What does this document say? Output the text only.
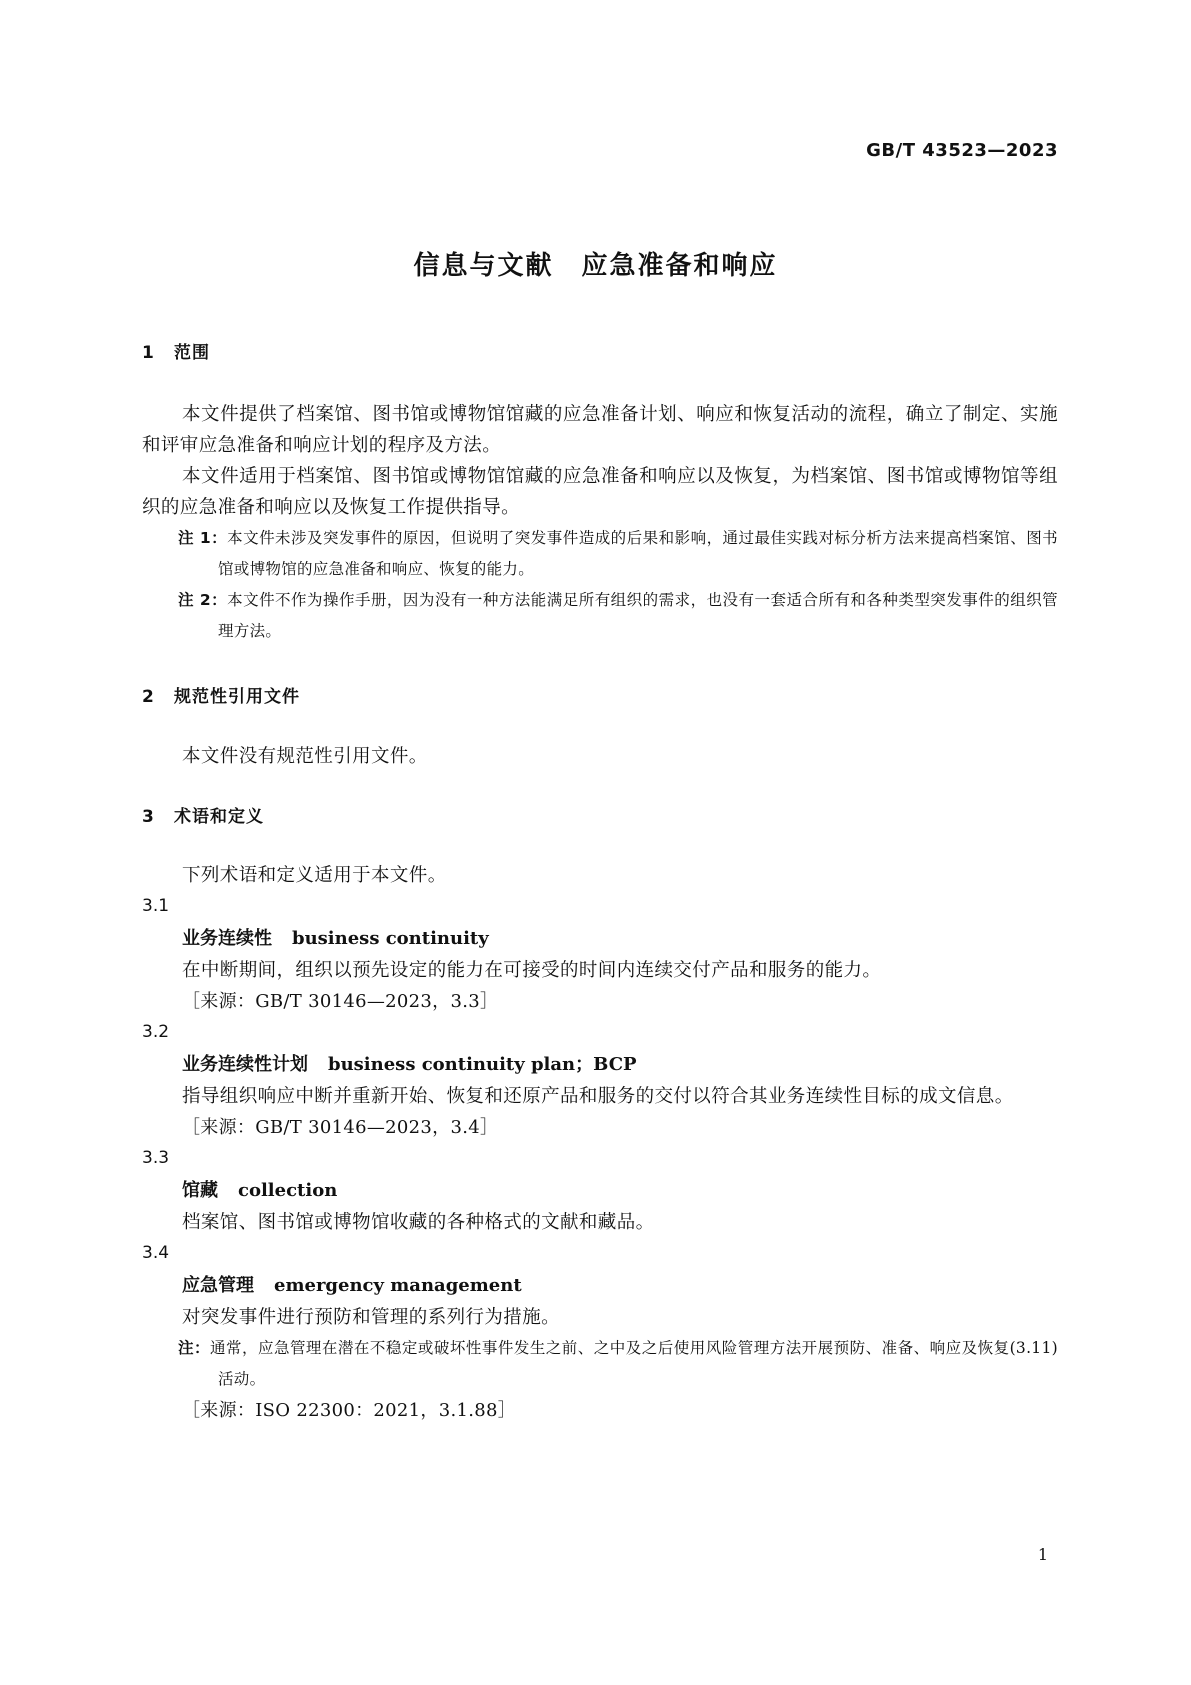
GB/T 43523—2023
信息与文献 应急准备和响应
1 范围
本文件提供了档案馆、图书馆或博物馆馆藏的应急准备计划、响应和恢复活动的流程，确立了制定、实施和评审应急准备和响应计划的程序及方法。
本文件适用于档案馆、图书馆或博物馆馆藏的应急准备和响应以及恢复，为档案馆、图书馆或博物馆等组织的应急准备和响应以及恢复工作提供指导。
注 1：本文件未涉及突发事件的原因，但说明了突发事件造成的后果和影响，通过最佳实践对标分析方法来提高档案馆、图书馆或博物馆的应急准备和响应、恢复的能力。
注 2：本文件不作为操作手册，因为没有一种方法能满足所有组织的需求，也没有一套适合所有和各种类型突发事件的组织管理方法。
2 规范性引用文件
本文件没有规范性引用文件。
3 术语和定义
下列术语和定义适用于本文件。
3.1
业务连续性 business continuity
在中断期间，组织以预先设定的能力在可接受的时间内连续交付产品和服务的能力。
［来源：GB/T 30146—2023，3.3］
3.2
业务连续性计划 business continuity plan；BCP
指导组织响应中断并重新开始、恢复和还原产品和服务的交付以符合其业务连续性目标的成文信息。
［来源：GB/T 30146—2023，3.4］
3.3
馆藏 collection
档案馆、图书馆或博物馆收藏的各种格式的文献和藏品。
3.4
应急管理 emergency management
对突发事件进行预防和管理的系列行为措施。
注：通常，应急管理在潜在不稳定或破坏性事件发生之前、之中及之后使用风险管理方法开展预防、准备、响应及恢复(3.11)活动。
［来源：ISO 22300：2021，3.1.88］
1
